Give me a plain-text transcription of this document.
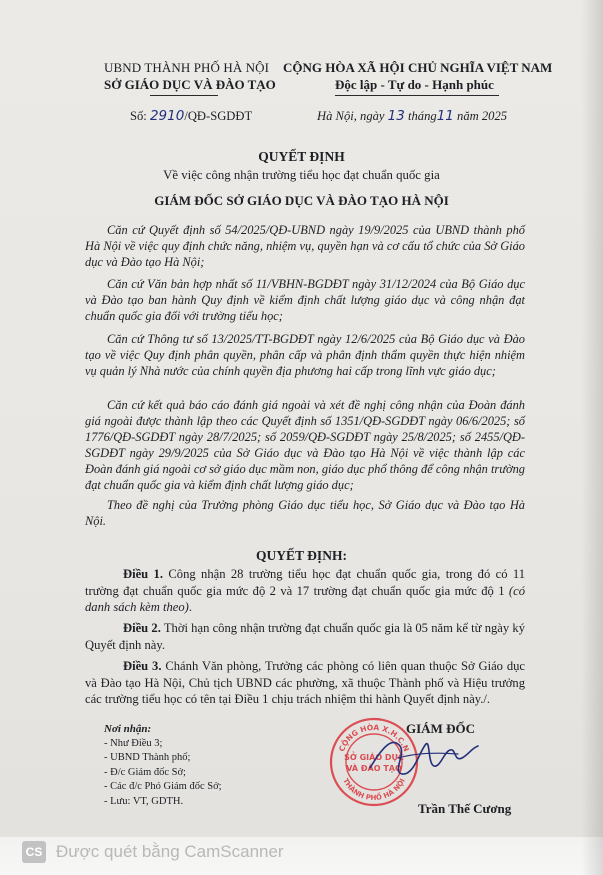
UBND THÀNH PHỐ HÀ NỘI
SỞ GIÁO DỤC VÀ ĐÀO TẠO
CỘNG HÒA XÃ HỘI CHỦ NGHĨA VIỆT NAM
Độc lập - Tự do - Hạnh phúc
Số: 2910/QĐ-SGDĐT	Hà Nội, ngày 13 tháng11 năm 2025
QUYẾT ĐỊNH
Về việc công nhận trường tiểu học đạt chuẩn quốc gia
GIÁM ĐỐC SỞ GIÁO DỤC VÀ ĐÀO TẠO HÀ NỘI
Căn cứ Quyết định số 54/2025/QĐ-UBND ngày 19/9/2025 của UBND thành phố Hà Nội về việc quy định chức năng, nhiệm vụ, quyền hạn và cơ cấu tổ chức của Sở Giáo dục và Đào tạo Hà Nội;
Căn cứ Văn bản hợp nhất số 11/VBHN-BGDĐT ngày 31/12/2024 của Bộ Giáo dục và Đào tạo ban hành Quy định về kiểm định chất lượng giáo dục và công nhận đạt chuẩn quốc gia đối với trường tiểu học;
Căn cứ Thông tư số 13/2025/TT-BGDĐT ngày 12/6/2025 của Bộ Giáo dục và Đào tạo về việc Quy định phân quyền, phân cấp và phân định thẩm quyền thực hiện nhiệm vụ quản lý Nhà nước của chính quyền địa phương hai cấp trong lĩnh vực giáo dục;
Căn cứ kết quả báo cáo đánh giá ngoài và xét đề nghị công nhận của Đoàn đánh giá ngoài được thành lập theo các Quyết định số 1351/QĐ-SGDĐT ngày 06/6/2025; số 1776/QĐ-SGDĐT ngày 28/7/2025; số 2059/QĐ-SGDĐT ngày 25/8/2025; số 2455/QĐ-SGDĐT ngày 29/9/2025 của Sở Giáo dục và Đào tạo Hà Nội về việc thành lập các Đoàn đánh giá ngoài cơ sở giáo dục mầm non, giáo dục phổ thông để công nhận trường đạt chuẩn quốc gia và kiểm định chất lượng giáo dục;
Theo đề nghị của Trưởng phòng Giáo dục tiểu học, Sở Giáo dục và Đào tạo Hà Nội.
QUYẾT ĐỊNH:
Điều 1. Công nhận 28 trường tiểu học đạt chuẩn quốc gia, trong đó có 11 trường đạt chuẩn quốc gia mức độ 2 và 17 trường đạt chuẩn quốc gia mức độ 1 (có danh sách kèm theo).
Điều 2. Thời hạn công nhận trường đạt chuẩn quốc gia là 05 năm kể từ ngày ký Quyết định này.
Điều 3. Chánh Văn phòng, Trưởng các phòng có liên quan thuộc Sở Giáo dục và Đào tạo Hà Nội, Chủ tịch UBND các phường, xã thuộc Thành phố và Hiệu trưởng các trường tiểu học có tên tại Điều 1 chịu trách nhiệm thi hành Quyết định này./.
Nơi nhận:
- Như Điều 3;
- UBND Thành phố;
- Đ/c Giám đốc Sở;
- Các đ/c Phó Giám đốc Sở;
- Lưu: VT, GDTH.
GIÁM ĐỐC
CỘNG HÒA X.H.C.N
THÀNH PHỐ HÀ NỘI
SỞ GIÁO DỤC
VÀ ĐÀO TẠO
Trần Thế Cương
CS Được quét bằng CamScanner
